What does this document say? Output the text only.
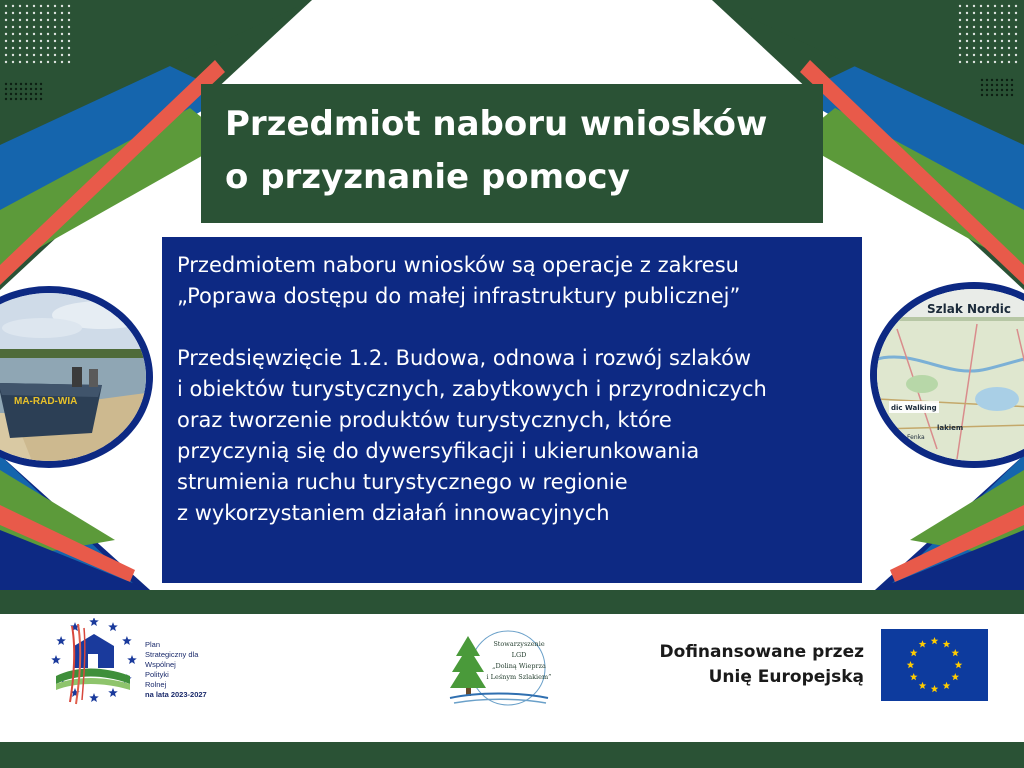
Przedmiot naboru wniosków
o przyznanie pomocy
Przedmiotem naboru wniosków są operacje z zakresu
„Poprawa dostępu do małej infrastruktury publicznej”
Przedsięwzięcie 1.2. Budowa, odnowa i rozwój szlaków
i obiektów turystycznych, zabytkowych i przyrodniczych
oraz tworzenie produktów turystycznych, które
przyczynią się do dywersyfikacji i ukierunkowania
strumienia ruchu turystycznego w regionie
z wykorzystaniem działań innowacyjnych
MA-RAD-WIA
Szlak Nordic
dic Walking
lakiem
Fenka
Plan
Strategiczny dla
Wspólnej
Polityki
Rolnej
na lata 2023-2027
Stowarzyszenie
LGD
„Doliną Wieprza
i Leśnym Szlakiem”
Dofinansowane przez
Unię Europejską
